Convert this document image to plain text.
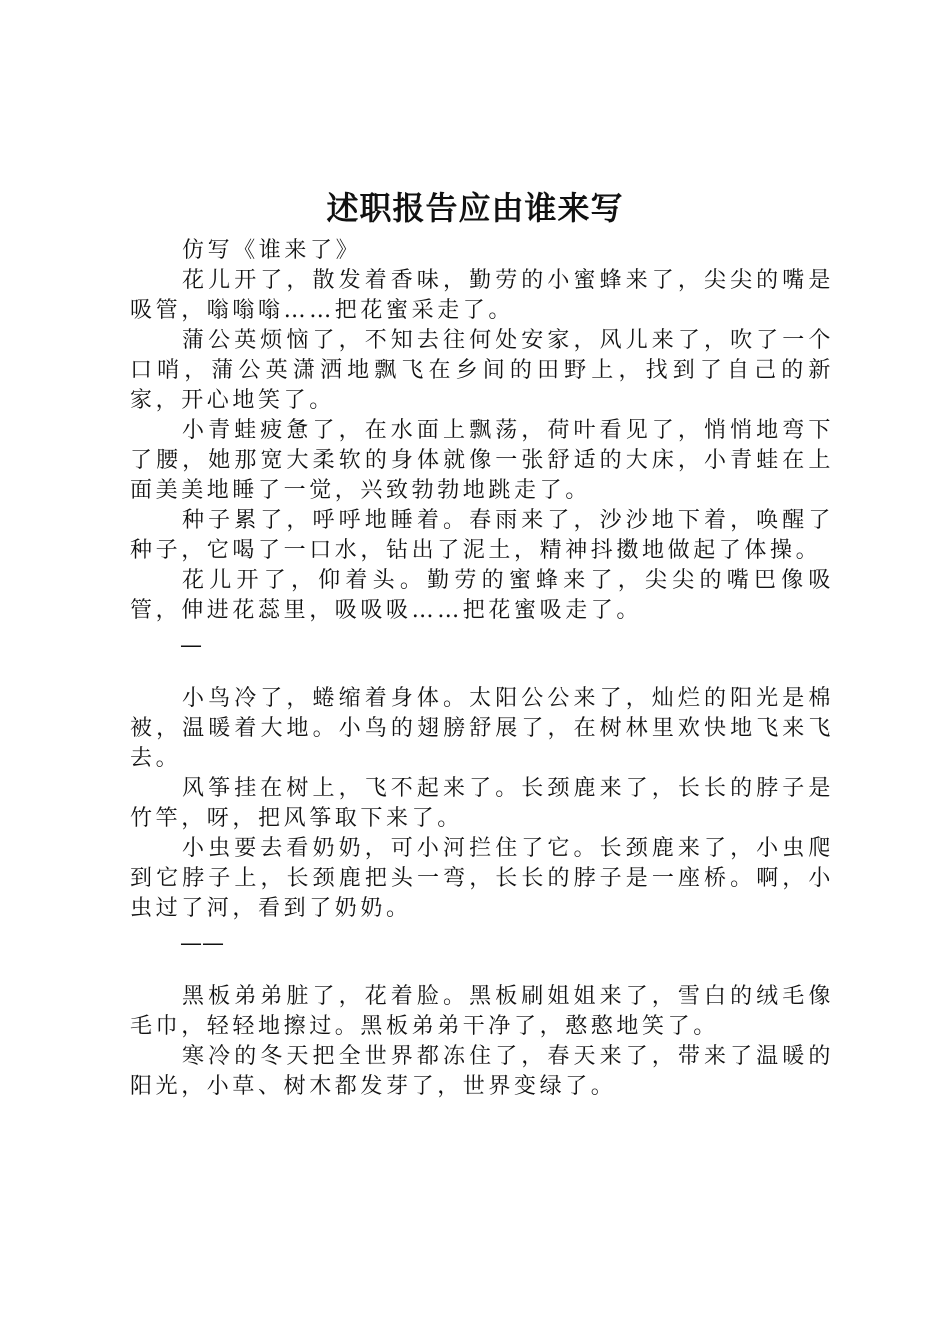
述职报告应由谁来写

仿写《谁来了》

花儿开了，散发着香味，勤劳的小蜜蜂来了，尖尖的嘴是吸管，嗡嗡嗡……把花蜜采走了。

蒲公英烦恼了，不知去往何处安家，风儿来了，吹了一个口哨，蒲公英潇洒地飘飞在乡间的田野上，找到了自己的新家，开心地笑了。

小青蛙疲惫了，在水面上飘荡，荷叶看见了，悄悄地弯下了腰，她那宽大柔软的身体就像一张舒适的大床，小青蛙在上面美美地睡了一觉，兴致勃勃地跳走了。

种子累了，呼呼地睡着。春雨来了，沙沙地下着，唤醒了种子，它喝了一口水，钻出了泥土，精神抖擞地做起了体操。

花儿开了，仰着头。勤劳的蜜蜂来了，尖尖的嘴巴像吸管，伸进花蕊里，吸吸吸……把花蜜吸走了。

—

小鸟冷了，蜷缩着身体。太阳公公来了，灿烂的阳光是棉被，温暖着大地。小鸟的翅膀舒展了，在树林里欢快地飞来飞去。

风筝挂在树上，飞不起来了。长颈鹿来了，长长的脖子是竹竿，呀，把风筝取下来了。

小虫要去看奶奶，可小河拦住了它。长颈鹿来了，小虫爬到它脖子上，长颈鹿把头一弯，长长的脖子是一座桥。啊，小虫过了河，看到了奶奶。

——

黑板弟弟脏了，花着脸。黑板刷姐姐来了，雪白的绒毛像毛巾，轻轻地擦过。黑板弟弟干净了，憨憨地笑了。

寒冷的冬天把全世界都冻住了，春天来了，带来了温暖的阳光，小草、树木都发芽了，世界变绿了。
